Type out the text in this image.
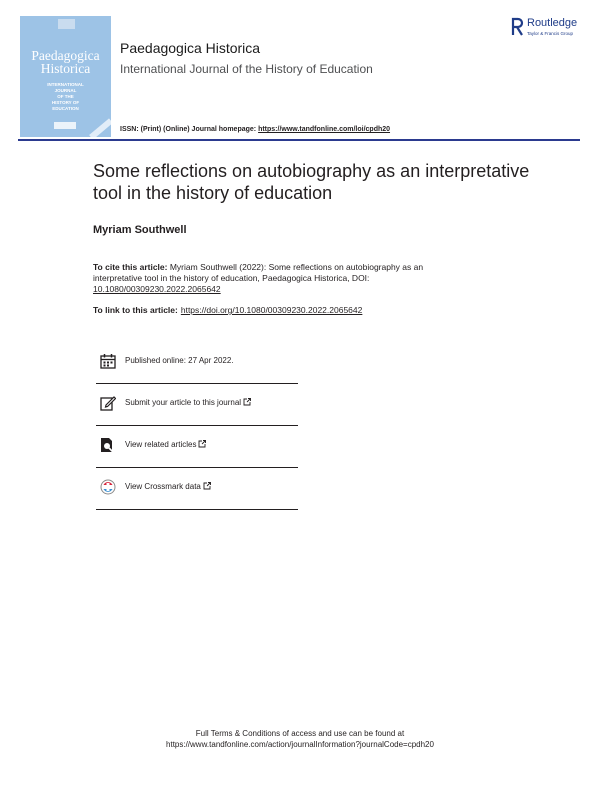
Paedagogica
Historica
INTERNATIONAL
JOURNAL
OF THE
HISTORY OF
EDUCATION
Paedagogica Historica
International Journal of the History of Education
Routledge
Taylor & Francis Group
ISSN: (Print) (Online) Journal homepage: https://www.tandfonline.com/loi/cpdh20
Some reflections on autobiography as an interpretative tool in the history of education
Myriam Southwell
To cite this article: Myriam Southwell (2022): Some reflections on autobiography as an interpretative tool in the history of education, Paedagogica Historica, DOI:
10.1080/00309230.2022.2065642
To link to this article: https://doi.org/10.1080/00309230.2022.2065642
Published online: 27 Apr 2022.
Submit your article to this journal
View related articles
View Crossmark data
Full Terms & Conditions of access and use can be found at
https://www.tandfonline.com/action/journalInformation?journalCode=cpdh20
